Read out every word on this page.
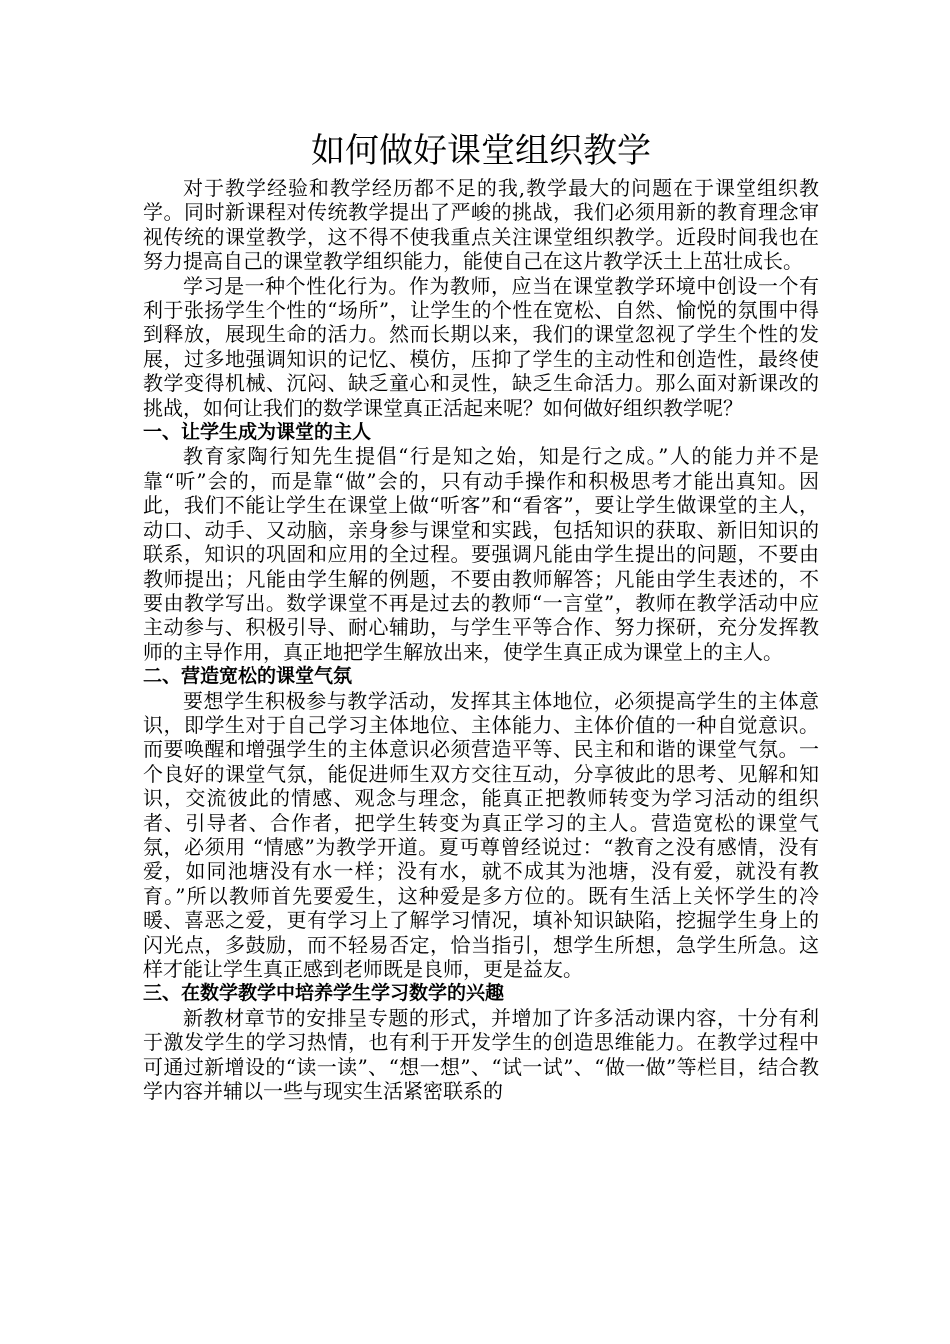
如何做好课堂组织教学

对于教学经验和教学经历都不足的我,教学最大的问题在于课堂组织教学。同时新课程对传统教学提出了严峻的挑战，我们必须用新的教育理念审视传统的课堂教学，这不得不使我重点关注课堂组织教学。近段时间我也在努力提高自己的课堂教学组织能力，能使自己在这片教学沃土上茁壮成长。

学习是一种个性化行为。作为教师，应当在课堂教学环境中创设一个有利于张扬学生个性的“场所”，让学生的个性在宽松、自然、愉悦的氛围中得到释放，展现生命的活力。然而长期以来，我们的课堂忽视了学生个性的发展，过多地强调知识的记忆、模仿，压抑了学生的主动性和创造性，最终使教学变得机械、沉闷、缺乏童心和灵性，缺乏生命活力。那么面对新课改的挑战，如何让我们的数学课堂真正活起来呢？如何做好组织教学呢？

一、让学生成为课堂的主人

教育家陶行知先生提倡“行是知之始，知是行之成。”人的能力并不是靠“听”会的，而是靠“做”会的，只有动手操作和积极思考才能出真知。因此，我们不能让学生在课堂上做“听客”和“看客”，要让学生做课堂的主人，动口、动手、又动脑，亲身参与课堂和实践，包括知识的获取、新旧知识的联系，知识的巩固和应用的全过程。要强调凡能由学生提出的问题，不要由教师提出；凡能由学生解的例题，不要由教师解答；凡能由学生表述的，不要由教学写出。数学课堂不再是过去的教师“一言堂”，教师在教学活动中应主动参与、积极引导、耐心辅助，与学生平等合作、努力探研，充分发挥教师的主导作用，真正地把学生解放出来，使学生真正成为课堂上的主人。

二、营造宽松的课堂气氛

要想学生积极参与教学活动，发挥其主体地位，必须提高学生的主体意识，即学生对于自己学习主体地位、主体能力、主体价值的一种自觉意识。而要唤醒和增强学生的主体意识必须营造平等、民主和和谐的课堂气氛。一个良好的课堂气氛，能促进师生双方交往互动，分享彼此的思考、见解和知识，交流彼此的情感、观念与理念，能真正把教师转变为学习活动的组织者、引导者、合作者，把学生转变为真正学习的主人。营造宽松的课堂气氛，必须用 “情感”为教学开道。夏丏尊曾经说过：“教育之没有感情，没有爱，如同池塘没有水一样；没有水，就不成其为池塘，没有爱，就没有教育。”所以教师首先要爱生，这种爱是多方位的。既有生活上关怀学生的冷暖、喜恶之爱，更有学习上了解学习情况，填补知识缺陷，挖掘学生身上的闪光点，多鼓励，而不轻易否定，恰当指引，想学生所想，急学生所急。这样才能让学生真正感到老师既是良师，更是益友。

三、在数学教学中培养学生学习数学的兴趣

新教材章节的安排呈专题的形式，并增加了许多活动课内容，十分有利于激发学生的学习热情，也有利于开发学生的创造思维能力。在教学过程中可通过新增设的“读一读”、“想一想”、“试一试”、“做一做”等栏目，结合教学内容并辅以一些与现实生活紧密联系的
